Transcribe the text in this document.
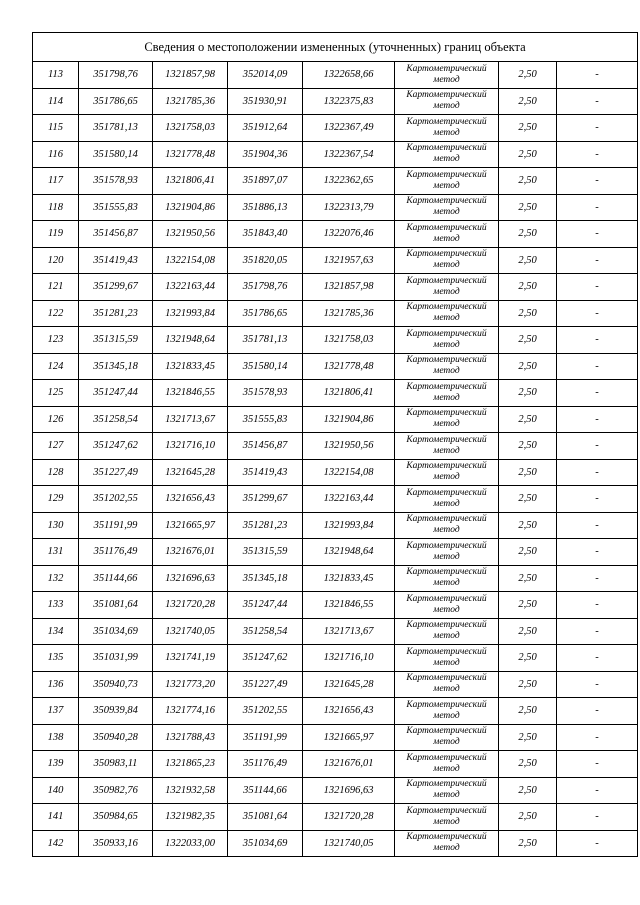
Сведения о местоположении измененных (уточненных) границ объекта							
113	351798,76	1321857,98	352014,09	1322658,66	Картометрический метод	2,50	-
114	351786,65	1321785,36	351930,91	1322375,83	Картометрический метод	2,50	-
115	351781,13	1321758,03	351912,64	1322367,49	Картометрический метод	2,50	-
116	351580,14	1321778,48	351904,36	1322367,54	Картометрический метод	2,50	-
117	351578,93	1321806,41	351897,07	1322362,65	Картометрический метод	2,50	-
118	351555,83	1321904,86	351886,13	1322313,79	Картометрический метод	2,50	-
119	351456,87	1321950,56	351843,40	1322076,46	Картометрический метод	2,50	-
120	351419,43	1322154,08	351820,05	1321957,63	Картометрический метод	2,50	-
121	351299,67	1322163,44	351798,76	1321857,98	Картометрический метод	2,50	-
122	351281,23	1321993,84	351786,65	1321785,36	Картометрический метод	2,50	-
123	351315,59	1321948,64	351781,13	1321758,03	Картометрический метод	2,50	-
124	351345,18	1321833,45	351580,14	1321778,48	Картометрический метод	2,50	-
125	351247,44	1321846,55	351578,93	1321806,41	Картометрический метод	2,50	-
126	351258,54	1321713,67	351555,83	1321904,86	Картометрический метод	2,50	-
127	351247,62	1321716,10	351456,87	1321950,56	Картометрический метод	2,50	-
128	351227,49	1321645,28	351419,43	1322154,08	Картометрический метод	2,50	-
129	351202,55	1321656,43	351299,67	1322163,44	Картометрический метод	2,50	-
130	351191,99	1321665,97	351281,23	1321993,84	Картометрический метод	2,50	-
131	351176,49	1321676,01	351315,59	1321948,64	Картометрический метод	2,50	-
132	351144,66	1321696,63	351345,18	1321833,45	Картометрический метод	2,50	-
133	351081,64	1321720,28	351247,44	1321846,55	Картометрический метод	2,50	-
134	351034,69	1321740,05	351258,54	1321713,67	Картометрический метод	2,50	-
135	351031,99	1321741,19	351247,62	1321716,10	Картометрический метод	2,50	-
136	350940,73	1321773,20	351227,49	1321645,28	Картометрический метод	2,50	-
137	350939,84	1321774,16	351202,55	1321656,43	Картометрический метод	2,50	-
138	350940,28	1321788,43	351191,99	1321665,97	Картометрический метод	2,50	-
139	350983,11	1321865,23	351176,49	1321676,01	Картометрический метод	2,50	-
140	350982,76	1321932,58	351144,66	1321696,63	Картометрический метод	2,50	-
141	350984,65	1321982,35	351081,64	1321720,28	Картометрический метод	2,50	-
142	350933,16	1322033,00	351034,69	1321740,05	Картометрический метод	2,50	-
